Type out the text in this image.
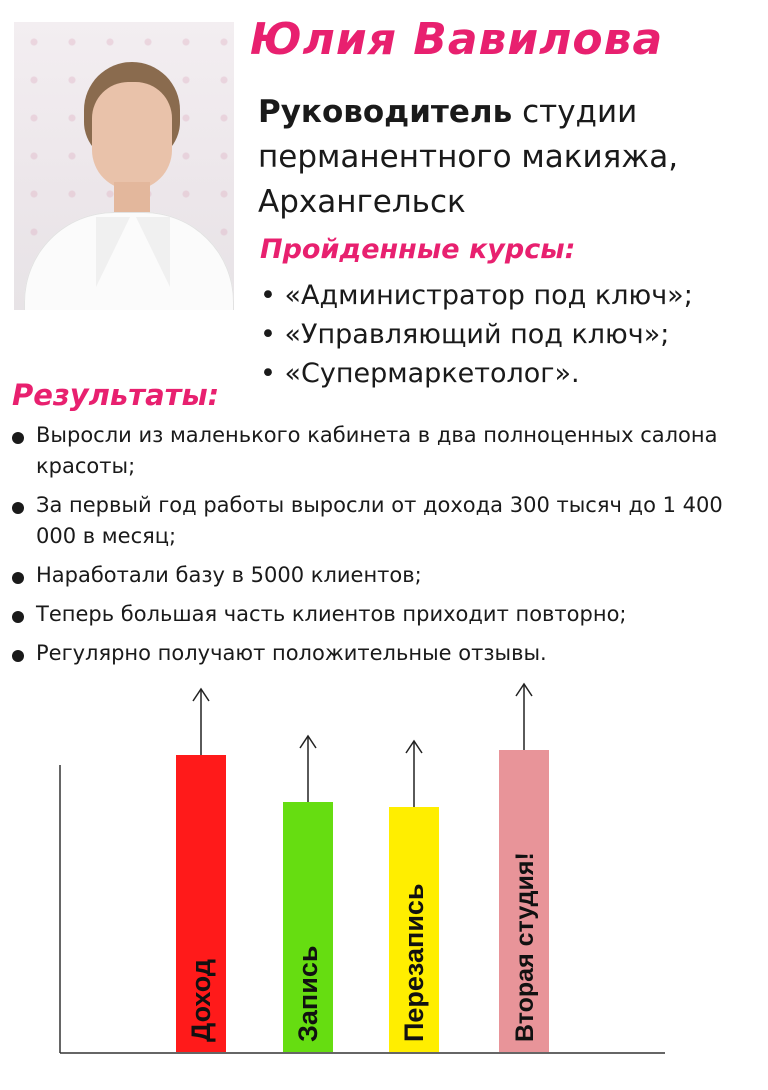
Юлия Вавилова
Руководитель студии перманентного макияжа, Архангельск
Пройденные курсы:
• «Администратор под ключ»;
• «Управляющий под ключ»;
• «Супермаркетолог».
Результаты:
Выросли из маленького кабинета в два полноценных салона красоты;
За первый год работы выросли от дохода 300 тысяч до 1 400 000 в месяц;
Наработали базу в 5000 клиентов;
Теперь большая часть клиентов приходит повторно;
Регулярно получают положительные отзывы.
Доход	Запись	Перезапись	Вторая студия!
